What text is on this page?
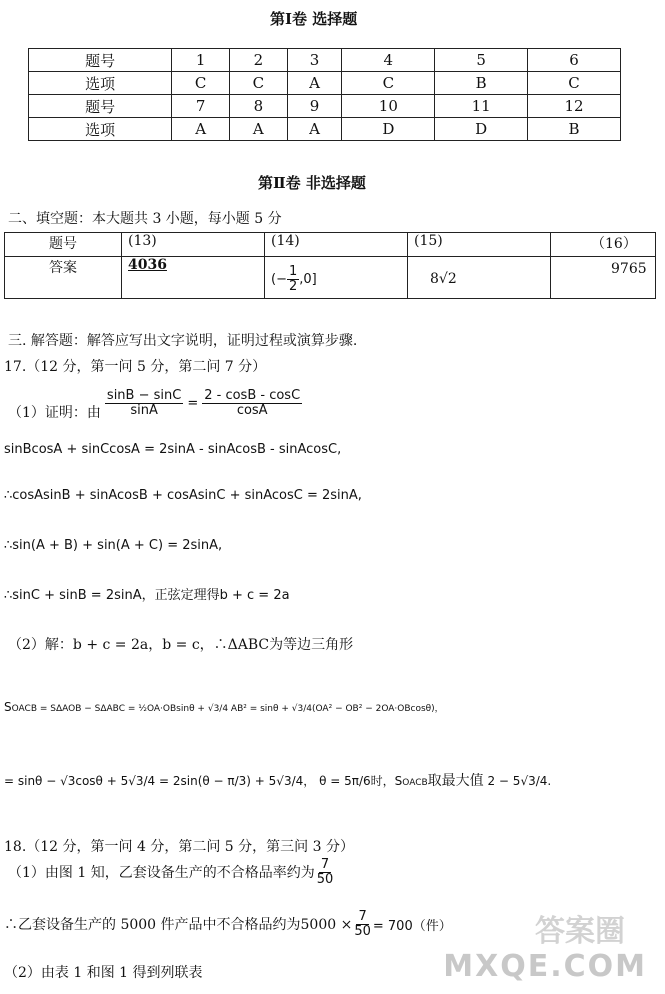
第Ⅰ卷 选择题
题号	1	2	3	4	5	6
选项	C	C	A	C	B	C
题号	7	8	9	10	11	12
选项	A	A	A	D	D	B
第Ⅱ卷 非选择题
二、填空题：本大题共 3 小题，每小题 5 分
题号	(13)	(14)	(15)	（16）
答案	4036	(− $\frac{1}{2} ,0$]	8√2	9765
三. 解答题：解答应写出文字说明，证明过程或演算步骤.
17.（12 分，第一问 5 分，第二问 7 分）
（1）证明：由 $\frac{\sin B - \sin C}{\sin A} = \frac{2 - \cos B - \cos C}{\cos A}$
sinBcosA + sinCcosA = 2sinA - sinAcosB - sinAcosC,
∴cosAsinB + sinAcosB + cosAsinC + sinAcosC = 2sinA,
∴sin(A + B) + sin(A + C) = 2sinA,
∴sinC + sinB = 2sinA，正弦定理得b + c = 2a
（2）解：b + c = 2a，b = c，∴ΔABC为等边三角形
SOACB = SΔAOB − SΔABC = ½OA·OBsinθ + √3/4 AB² = sinθ + √3/4(OA² − OB² − 2OA·OBcosθ)，
= sinθ − √3cosθ + 5√3/4 = 2sin(θ − π/3) + 5√3/4， θ = 5π/6时，SOACB取最大值 2 − 5√3/4.
18.（12 分，第一问 4 分，第二问 5 分，第三问 3 分）
（1）由图 1 知，乙套设备生产的不合格品率约为 $\frac{7}{50}$
∴乙套设备生产的 5000 件产品中不合格品约为$5000 \times \frac{7}{50} = 700$（件）
（2）由表 1 和图 1 得到列联表
答案圈
MXQE.COM
